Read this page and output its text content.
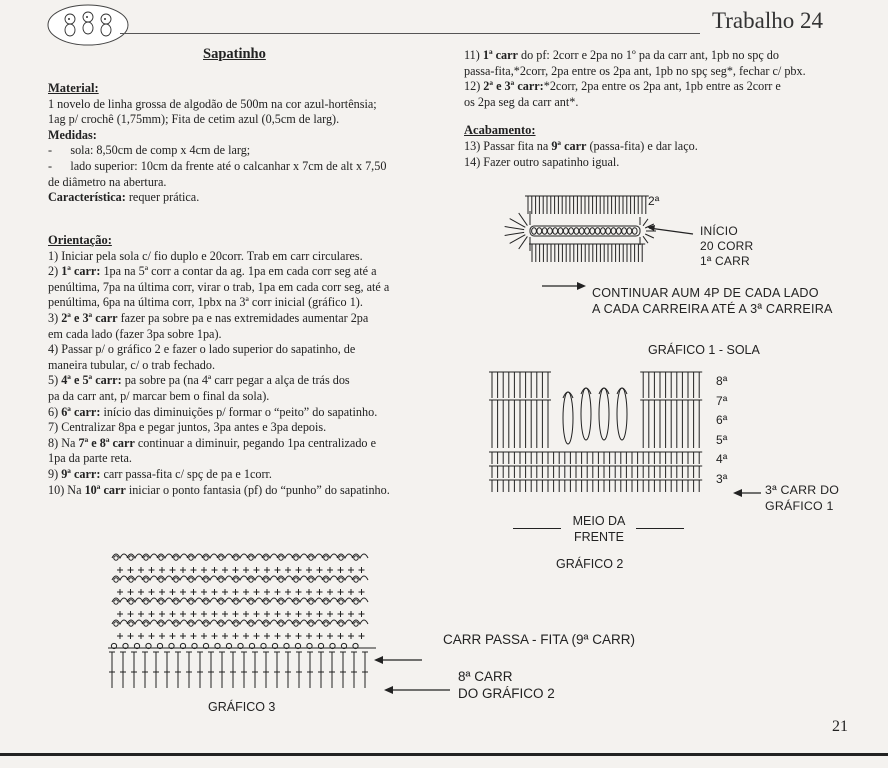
Trabalho 24
Sapatinho
Material:
1 novelo de linha grossa de algodão de 500m na cor azul-hortênsia;
1ag p/ crochê (1,75mm); Fita de cetim azul (0,5cm de larg).
Medidas:
-      sola: 8,50cm de comp x 4cm de larg;
-      lado superior: 10cm da frente até o calcanhar x 7cm de alt x 7,50
de diâmetro na abertura.
Característica: requer prática.
Orientação:
1) Iniciar pela sola c/ fio duplo e 20corr. Trab em carr circulares.
2) 1ª carr: 1pa na 5ª corr a contar da ag. 1pa em cada corr seg até a
penúltima, 7pa na última corr, virar o trab, 1pa em cada corr seg, até a
penúltima, 6pa na última corr, 1pbx na 3ª corr inicial (gráfico 1).
3) 2ª e 3ª carr fazer pa sobre pa e nas extremidades aumentar 2pa
em cada lado (fazer 3pa sobre 1pa).
4) Passar p/ o gráfico 2 e fazer o lado superior do sapatinho, de
maneira tubular, c/ o trab fechado.
5) 4ª e 5ª carr: pa sobre pa (na 4ª carr pegar a alça de trás dos
pa da carr ant, p/ marcar bem o final da sola).
6) 6ª carr: início das diminuições p/ formar o “peito” do sapatinho.
7) Centralizar 8pa e pegar juntos, 3pa antes e 3pa depois.
8) Na 7ª e 8ª carr continuar a diminuir, pegando 1pa centralizado e
1pa da parte reta.
9) 9ª carr: carr passa-fita c/ spç de pa e 1corr.
10) Na 10ª carr iniciar o ponto fantasia (pf) do “punho” do sapatinho.
11) 1ª carr do pf: 2corr e 2pa no 1º pa da carr ant, 1pb no spç do
passa-fita,*2corr, 2pa entre os 2pa ant, 1pb no spç seg*, fechar c/ pbx.
12) 2ª e 3ª carr:*2corr, 2pa entre os 2pa ant, 1pb entre as 2corr e
os 2pa seg da carr ant*.
Acabamento:
13) Passar fita na 9ª carr (passa-fita) e dar laço.
14) Fazer outro sapatinho igual.
2ª
INÍCIO
20 CORR
1ª CARR
CONTINUAR AUM 4P DE CADA LADO
A CADA CARREIRA ATÉ A 3ª CARREIRA
GRÁFICO 1 - SOLA
8ª
7ª
6ª
5ª
4ª
3ª
3ª CARR DO
GRÁFICO 1
MEIO DA
FRENTE
GRÁFICO 2
CARR PASSA - FITA (9ª CARR)
8ª CARR
DO GRÁFICO 2
GRÁFICO 3
21
